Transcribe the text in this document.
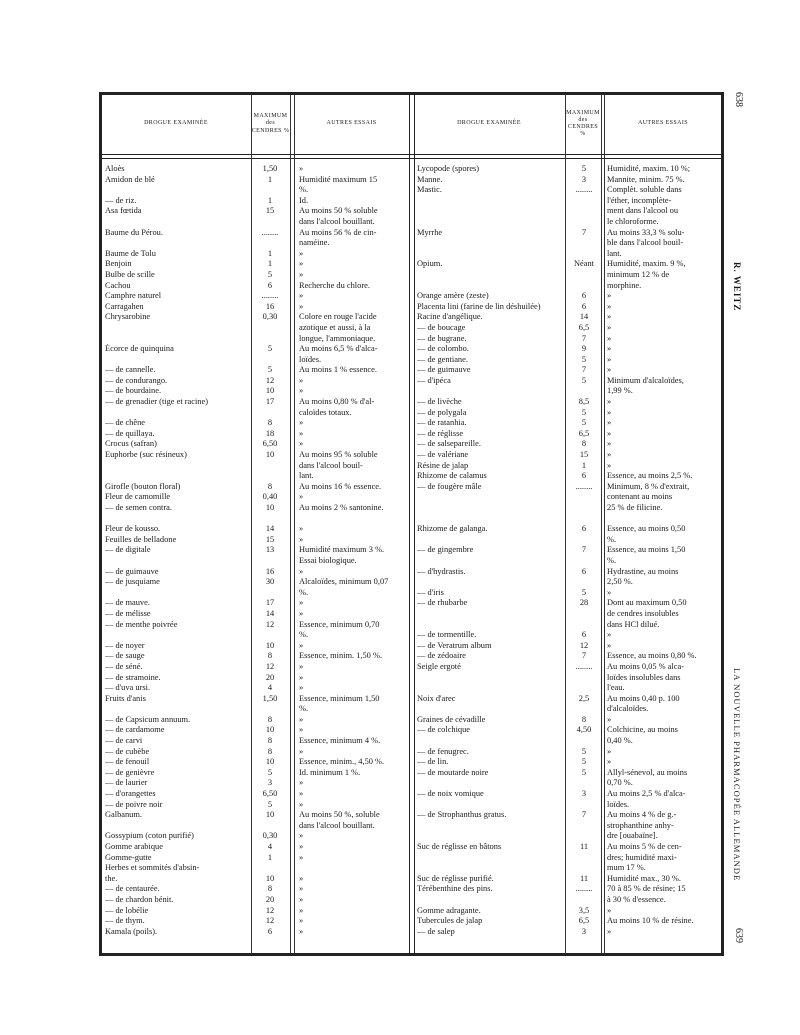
638
R. WEITZ
LA NOUVELLE PHARMACOPÉE ALLEMANDE
639
DROGUE EXAMINÉE
MAXIMUM des CENDRES %
AUTRES ESSAIS
Aloès	1,50	»
Amidon de blé	1	Humidité maximum 15
%.
— de riz.	1	Id.
Asa fœtida	15	Au moins 50 % soluble
dans l'alcool bouillant.
Baume du Pérou.	........	Au moins 56 % de cin-
naméine.
Baume de Tolu	1	»
Benjoin	1	»
Bulbe de scille	5	»
Cachou	6	Recherche du chlore.
Camphre naturel	........	»
Carragahen	16	»
Chrysarobine	0,30	Colore en rouge l'acide
azotique et aussi, à la
longue, l'ammoniaque.
Écorce de quinquina	5	Au moins 6,5 % d'alca-
loïdes.
— de cannelle.	5	Au moins 1 % essence.
— de condurango.	12	»
— de bourdaine.	10	»
— de grenadier (tige et racine)	17	Au moins 0,80 % d'al-
caloïdes totaux.
— de chêne	8	»
— de quillaya.	18	»
Crocus (safran)	6,50	»
Euphorbe (suc résineux)	10	Au moins 95 % soluble
dans l'alcool bouil-
lant.
Girofle (bouton floral)	8	Au moins 16 % essence.
Fleur de camomille	0,40	»
— de semen contra.	10	Au moins 2 % santonine.
Fleur de kousso.	14	»
Feuilles de belladone	15	»
— de digitale	13	Humidité maximum 3 %.
Essai biologique.
— de guimauve	16	»
— de jusquiame	30	Alcaloïdes, minimum 0,07
%.
— de mauve.	17	»
— de mélisse	14	»
— de menthe poivrée	12	Essence, minimum 0,70
%.
— de noyer	10	»
— de sauge	8	Essence, minim. 1,50 %.
— de séné.	12	»
— de stramoine.	20	»
— d'uva ursi.	4	»
Fruits d'anis	1,50	Essence, minimum 1,50
%.
— de Capsicum annuum.	8	»
— de cardamome	10	»
— de carvi	8	Essence, minimum 4 %.
— de cubèbe	8	»
— de fenouil	10	Essence, minim., 4,50 %.
— de genièvre	5	Id. minimum 1 %.
— de laurier	3	»
— d'orangettes	6,50	»
— de poivre noir	5	»
Galbanum.	10	Au moins 50 %, soluble
dans l'alcool bouillant.
Gossypium (coton purifié)	0,30	»
Gomme arabique	4	»
Gomme-gutte	1	»
Herbes et sommités d'absin-
the.	10	»
— de centaurée.	8	»
— de chardon bénit.	20	»
— de lobélie	12	»
— de thym.	12	»
Kamala (poils).	6	»
DROGUE EXAMINÉE
MAXIMUM des CENDRES %
AUTRES ESSAIS
Lycopode (spores)	5	Humidité, maxim. 10 %;
Manne.	3	Mannite, minim. 75 %.
Mastic.	........	Complèt. soluble dans
l'éther, incomplète-
ment dans l'alcool ou
le chloroforme.
Myrrhe	7	Au moins 33,3 % solu-
ble dans l'alcool bouil-
lant.
Opium.	Néant	Humidité, maxim. 9 %,
minimum 12 % de
morphine.
Orange amère (zeste)	6	»
Placenta lini (farine de lin déshuilée)	6	»
Racine d'angélique.	14	»
— de boucage	6,5	»
— de bugrane.	7	»
— de colombo.	9	»
— de gentiane.	5	»
— de guimauve	7	»
— d'ipéca	5	Minimum d'alcaloïdes,
1,99 %.
— de livèche	8,5	»
— de polygala	5	»
— de ratanhia.	5	»
— de réglisse	6,5	»
— de salsepareille.	8	»
— de valériane	15	»
Résine de jalap	1	»
Rhizome de calamus	6	Essence, au moins 2,5 %.
— de fougère mâle	........	Minimum, 8 % d'extrait,
contenant au moins
25 % de filicine.
Rhizome de galanga.	6	Essence, au moins 0,50
%.
— de gingembre	7	Essence, au moins 1,50
%.
— d'hydrastis.	6	Hydrastine, au moins
2,50 %.
— d'iris	5	»
— de rhubarbe	28	Dont au maximum 0,50
de cendres insolubles
dans HCl dilué.
— de tormentille.	6	»
— de Veratrum album	12	»
— de zédoaire	7	Essence, au moins 0,80 %.
Seigle ergoté	........	Au moins 0,05 % alca-
loïdes insolubles dans
l'eau.
Noix d'arec	2,5	Au moins 0,40 p. 100
d'alcaloïdes.
Graines de cévadille	8	»
— de colchique	4,50	Colchicine, au moins
0,40 %.
— de fenugrec.	5	»
— de lin.	5	»
— de moutarde noire	5	Allyl-sénevol, au moins
0,70 %.
— de noix vomique	3	Au moins 2,5 % d'alca-
loïdes.
— de Strophanthus gratus.	7	Au moins 4 % de g.-
strophanthine anhy-
dre [ouabaïne].
Suc de réglisse en bâtons	11	Au moins 5 % de cen-
dres; humidité maxi-
mum 17 %.
Suc de réglisse purifié.	11	Humidité max., 30 %.
Térébenthine des pins.	........	70 à 85 % de résine; 15
à 30 % d'essence.
Gomme adragante.	3,5	»
Tubercules de jalap	6,5	Au moins 10 % de résine.
— de salep	3	»
